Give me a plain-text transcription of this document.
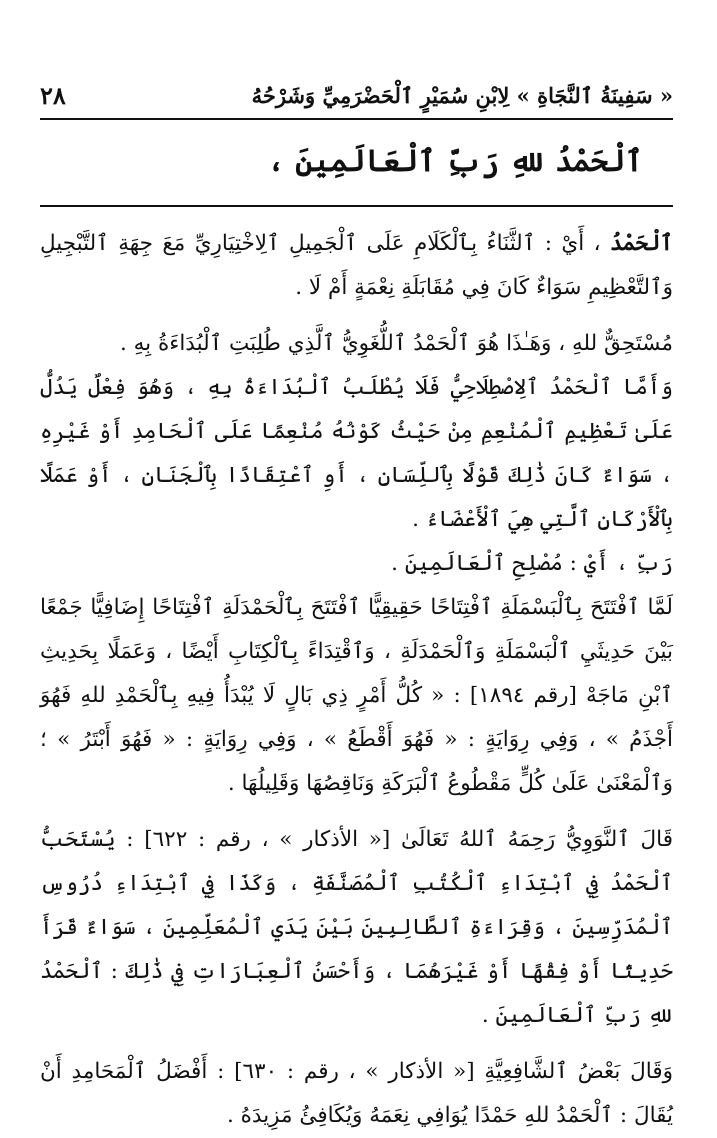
« سَفِينَةُ ٱلنَّجَاةِ » لِابْنِ سُمَيْرٍ ٱلْحَضْرَمِيِّ وَشَرْحُهُ
٢٨
ٱلْحَمْدُ للهِ رَبِّ ٱلْعَالَمِينَ ،

ٱلْحَمْدُ ، أَيْ : ٱلثَّنَاءُ بِٱلْكَلَامِ عَلَى ٱلْجَمِيلِ ٱلِاخْتِيَارِيِّ مَعَ جِهَةِ ٱلتَّبْجِيلِ وَٱلتَّعْظِيمِ سَوَاءٌ كَانَ فِي مُقَابَلَةِ نِعْمَةٍ أَمْ لَا .

مُسْتَحِقٌّ للهِ ، وَهَـٰذَا هُوَ ٱلْحَمْدُ ٱللُّغَوِيُّ ٱلَّذِي طُلِبَتِ ٱلْبُدَاءَةُ بِهِ .

وَأَمَّا ٱلْحَمْدُ ٱلِاصْطِلَاحِيُّ فَلَا يُطْلَبُ ٱلْبُدَاءَةُ بِهِ ، وَهُوَ فِعْلٌ يَدُلُّ عَلَىٰ تَعْظِيمِ ٱلْمُنْعِمِ مِنْ حَيْثُ كَوْنُهُ مُنْعِمًا عَلَى ٱلْحَامِدِ أَوْ غَيْرِهِ ، سَوَاءٌ كَانَ ذَٰلِكَ قَوْلًا بِٱللِّسَانِ ، أَوِ ٱعْتِقَادًا بِٱلْجَنَانِ ، أَوْ عَمَلًا بِٱلْأَرْكَانِ ٱلَّتِي هِيَ ٱلْأَعْضَاءُ .

رَبِّ ، أَيْ : مُصْلِحِ ٱلْعَالَمِينَ .

لَمَّا ٱفْتَتَحَ بِٱلْبَسْمَلَةِ ٱفْتِتَاحًا حَقِيقِيًّا ٱفْتَتَحَ بِٱلْحَمْدَلَةِ ٱفْتِتَاحًا إِضَافِيًّا جَمْعًا بَيْنَ حَدِيثَيِ ٱلْبَسْمَلَةِ وَٱلْحَمْدَلَةِ ، وَٱقْتِدَاءً بِٱلْكِتَابِ أَيْضًا ، وَعَمَلًا بِحَدِيثِ ٱبْنِ مَاجَهْ [رقم ١٨٩٤] : « كُلُّ أَمْرٍ ذِي بَالٍ لَا يُبْدَأُ فِيهِ بِٱلْحَمْدِ للهِ فَهُوَ أَجْذَمُ » ، وَفِي رِوَايَةٍ : « فَهُوَ أَقْطَعُ » ، وَفِي رِوَايَةٍ : « فَهُوَ أَبْتَرُ » ؛ وَٱلْمَعْنَىٰ عَلَىٰ كُلٍّ مَقْطُوعُ ٱلْبَرَكَةِ وَنَاقِصُهَا وَقَلِيلُهَا .

قَالَ ٱلنَّوَوِيُّ رَحِمَهُ ٱللهُ تَعَالَىٰ [« الأذكار » ، رقم : ٦٢٢] : يُسْتَحَبُّ ٱلْحَمْدُ فِي ٱبْتِدَاءِ ٱلْكُتُبِ ٱلْمُصَنَّفَةِ ، وَكَذَا فِي ٱبْتِدَاءِ دُرُوسِ ٱلْمُدَرِّسِينَ ، وَقِرَاءَةِ ٱلطَّالِبِينَ بَيْنَ يَدَيِ ٱلْمُعَلِّمِينَ ، سَوَاءٌ قَرَأَ حَدِيثًا أَوْ فِقْهًا أَوْ غَيْرَهُمَا ، وَأَحْسَنُ ٱلْعِبَارَاتِ فِي ذَٰلِكَ : ٱلْحَمْدُ للهِ رَبِّ ٱلْعَالَمِينَ .

وَقَالَ بَعْضُ ٱلشَّافِعِيَّةِ [« الأذكار » ، رقم : ٦٣٠] : أَفْضَلُ ٱلْمَحَامِدِ أَنْ يُقَالَ : ٱلْحَمْدُ للهِ حَمْدًا يُوَافِي نِعَمَهُ وَيُكَافِئُ مَزِيدَهُ .
